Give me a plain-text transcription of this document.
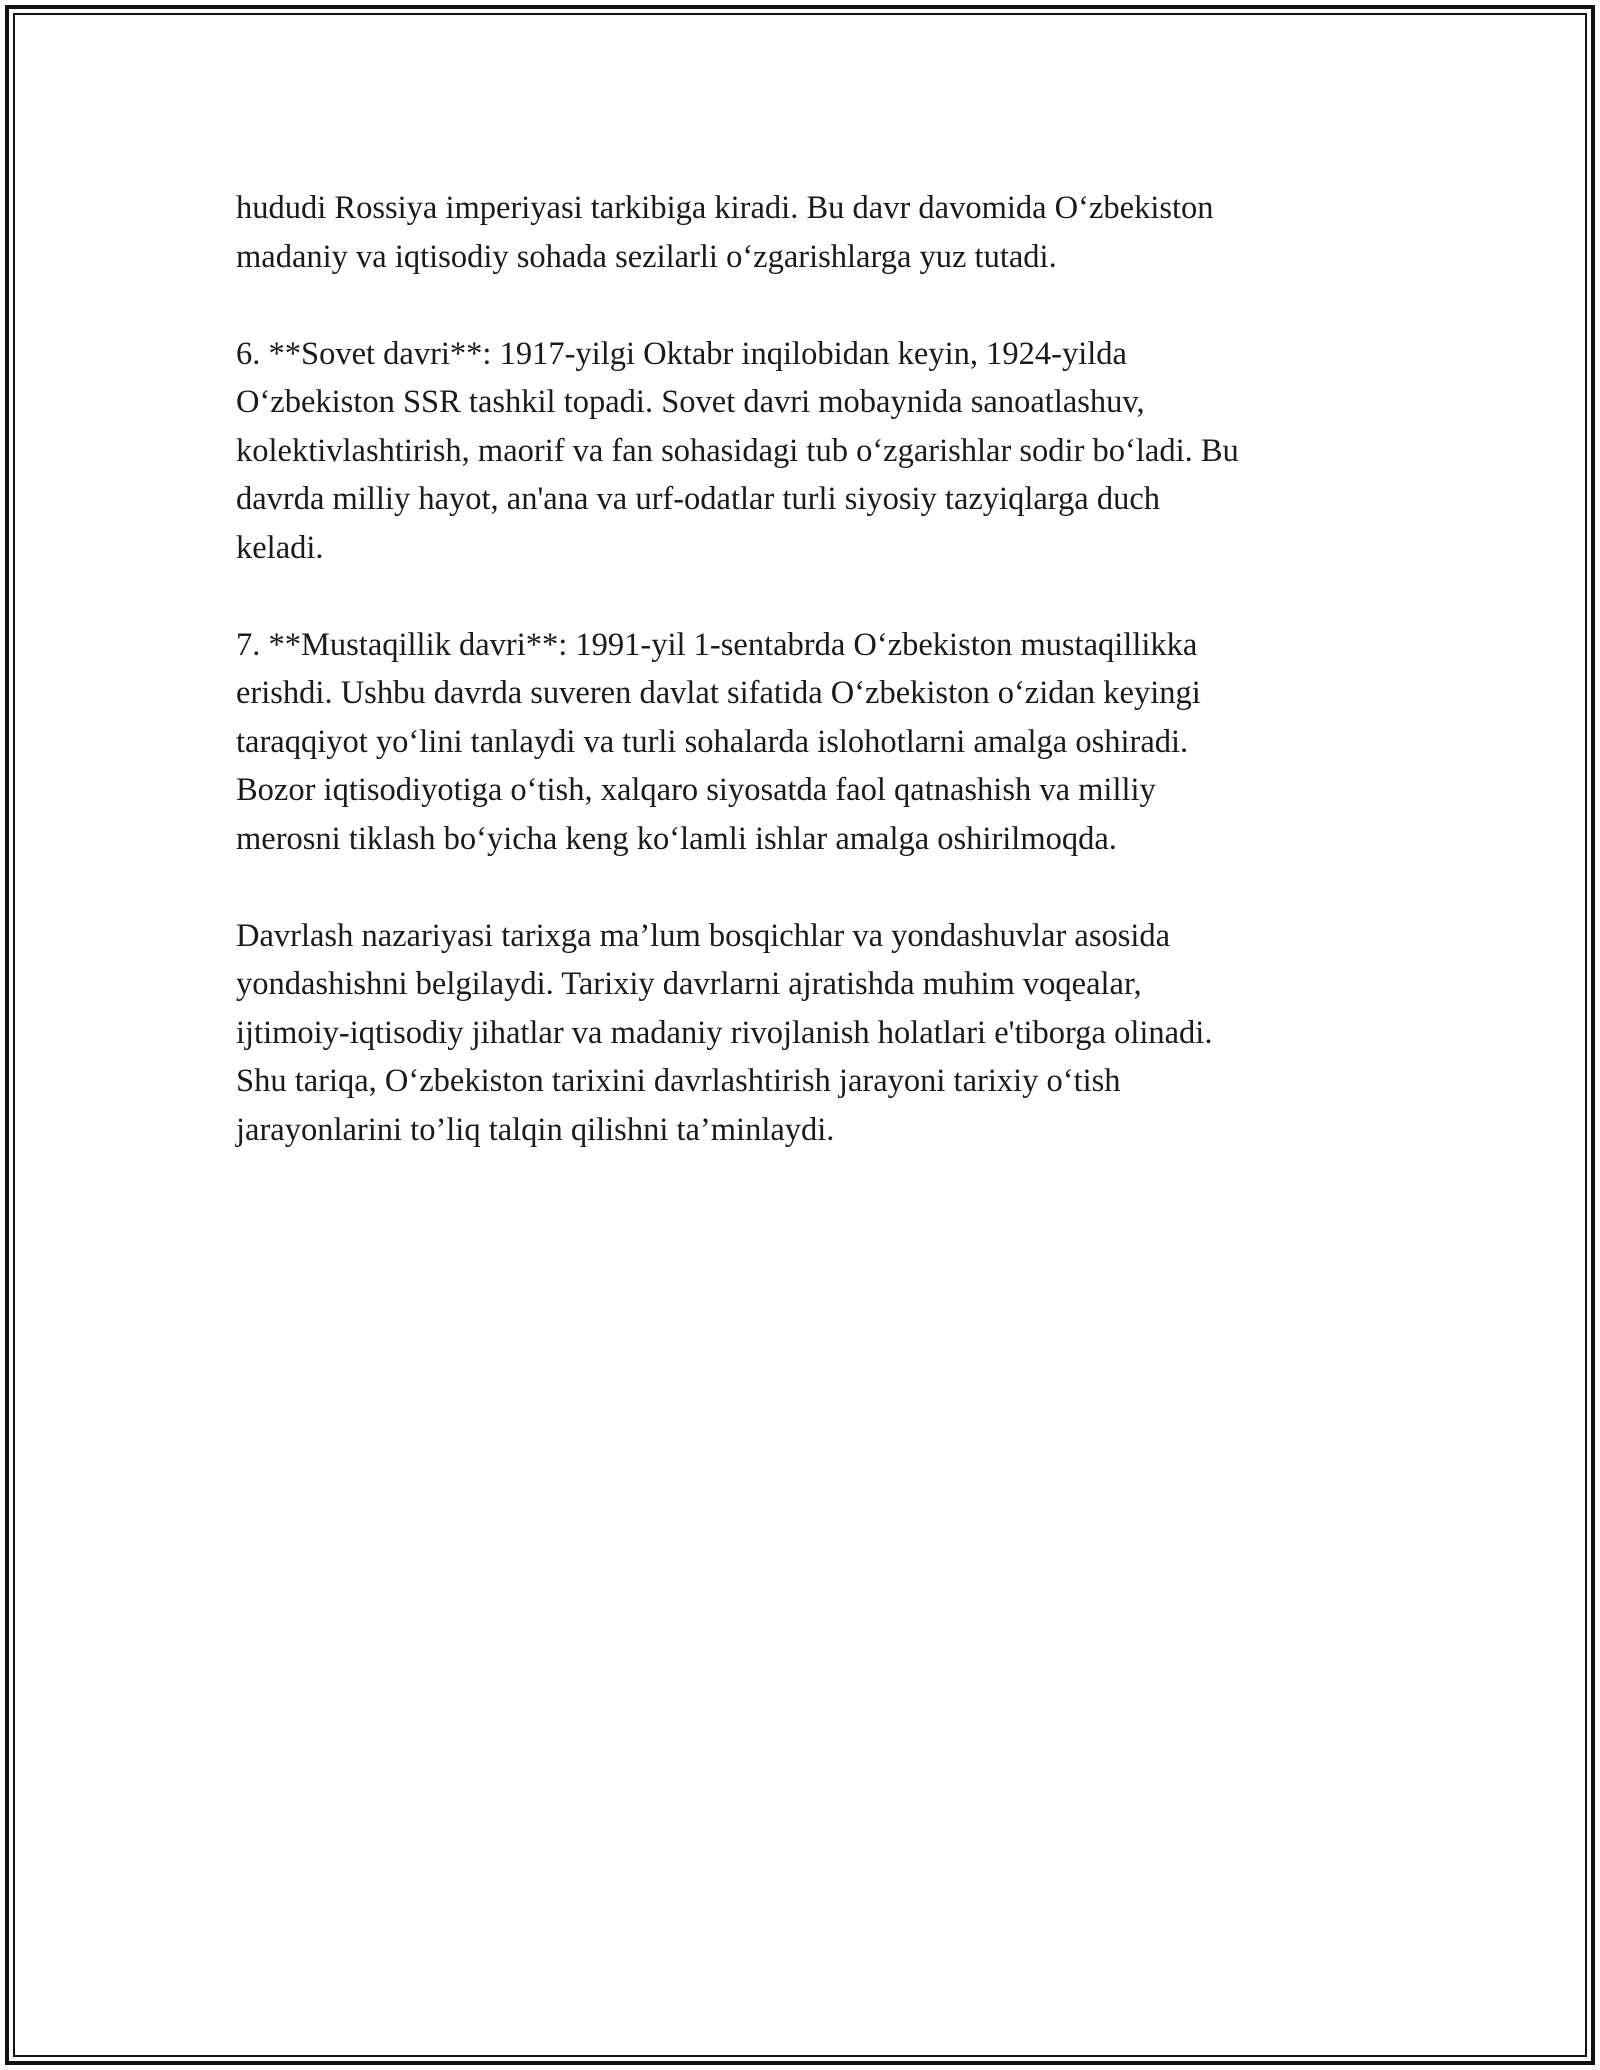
hududi Rossiya imperiyasi tarkibiga kiradi. Bu davr davomida O‘zbekiston
madaniy va iqtisodiy sohada sezilarli o‘zgarishlarga yuz tutadi.

6. **Sovet davri**: 1917-yilgi Oktabr inqilobidan keyin, 1924-yilda
O‘zbekiston SSR tashkil topadi. Sovet davri mobaynida sanoatlashuv,
kolektivlashtirish, maorif va fan sohasidagi tub o‘zgarishlar sodir bo‘ladi. Bu
davrda milliy hayot, an'ana va urf-odatlar turli siyosiy tazyiqlarga duch
keladi.

7. **Mustaqillik davri**: 1991-yil 1-sentabrda O‘zbekiston mustaqillikka
erishdi. Ushbu davrda suveren davlat sifatida O‘zbekiston o‘zidan keyingi
taraqqiyot yo‘lini tanlaydi va turli sohalarda islohotlarni amalga oshiradi.
Bozor iqtisodiyotiga o‘tish, xalqaro siyosatda faol qatnashish va milliy
merosni tiklash bo‘yicha keng ko‘lamli ishlar amalga oshirilmoqda.

Davrlash nazariyasi tarixga ma’lum bosqichlar va yondashuvlar asosida
yondashishni belgilaydi. Tarixiy davrlarni ajratishda muhim voqealar,
ijtimoiy-iqtisodiy jihatlar va madaniy rivojlanish holatlari e'tiborga olinadi.
Shu tariqa, O‘zbekiston tarixini davrlashtirish jarayoni tarixiy o‘tish
jarayonlarini to’liq talqin qilishni ta’minlaydi.
